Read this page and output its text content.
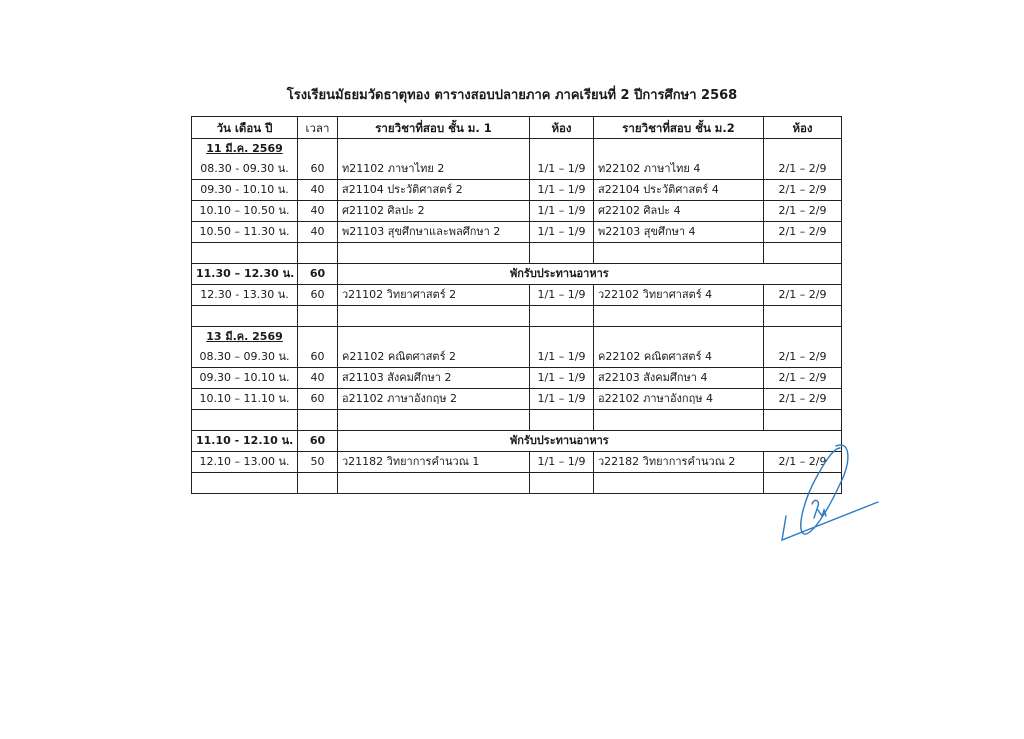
โรงเรียนมัธยมวัดธาตุทอง ตารางสอบปลายภาค ภาคเรียนที่ 2 ปีการศึกษา 2568
วัน เดือน ปี	เวลา	รายวิชาที่สอบ ชั้น ม. 1	ห้อง	รายวิชาที่สอบ ชั้น ม.2	ห้อง

11 มี.ค. 2569
08.30 - 09.30 น.	60	ท21102 ภาษาไทย 2	1/1 – 1/9	ท22102 ภาษาไทย 4	2/1 – 2/9

09.30 - 10.10 น.	40	ส21104 ประวัติศาสตร์ 2	1/1 – 1/9	ส22104 ประวัติศาสตร์ 4	2/1 – 2/9
10.10 – 10.50 น.	40	ศ21102 ศิลปะ 2	1/1 – 1/9	ศ22102 ศิลปะ 4	2/1 – 2/9
10.50 – 11.30 น.	40	พ21103 สุขศึกษาและพลศึกษา 2	1/1 – 1/9	พ22103 สุขศึกษา 4	2/1 – 2/9

11.30 – 12.30 น.	60	พักรับประทานอาหาร			
12.30 - 13.30 น.	60	ว21102 วิทยาศาสตร์ 2	1/1 – 1/9	ว22102 วิทยาศาสตร์ 4	2/1 – 2/9

13 มี.ค. 2569
08.30 – 09.30 น.	60	ค21102 คณิตศาสตร์ 2	1/1 – 1/9	ค22102 คณิตศาสตร์ 4	2/1 – 2/9

09.30 – 10.10 น.	40	ส21103 สังคมศึกษา 2	1/1 – 1/9	ส22103 สังคมศึกษา 4	2/1 – 2/9
10.10 – 11.10 น.	60	อ21102 ภาษาอังกฤษ 2	1/1 – 1/9	อ22102 ภาษาอังกฤษ 4	2/1 – 2/9

11.10 - 12.10 น.	60	พักรับประทานอาหาร			
12.10 – 13.00 น.	50	ว21182 วิทยาการคำนวณ 1	1/1 – 1/9	ว22182 วิทยาการคำนวณ 2	2/1 – 2/9
